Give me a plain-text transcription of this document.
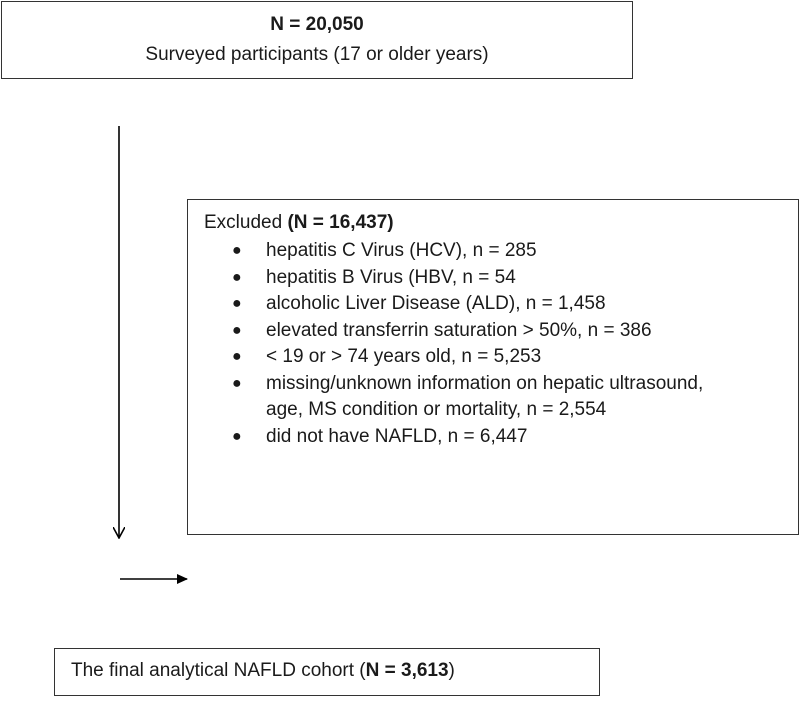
N = 20,050
Surveyed participants (17 or older years)
Excluded (N = 16,437)
● hepatitis C Virus (HCV), n = 285
● hepatitis B Virus (HBV, n = 54
● alcoholic Liver Disease (ALD), n = 1,458
● elevated transferrin saturation > 50%, n = 386
● < 19 or > 74 years old, n = 5,253
● missing/unknown information on hepatic ultrasound, age, MS condition or mortality, n = 2,554
● did not have NAFLD, n = 6,447
The final analytical NAFLD cohort (N = 3,613)
